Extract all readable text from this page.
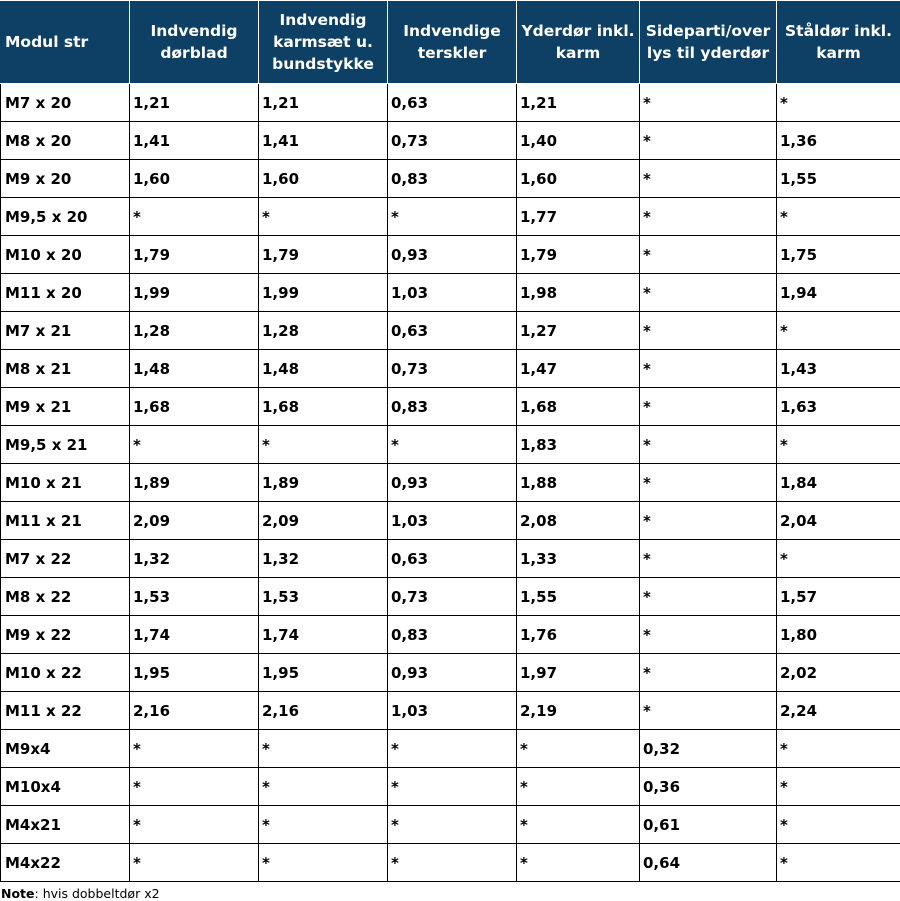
Modul str	Indvendig dørblad	Indvendig karmsæt u. bundstykke	Indvendige terskler	Yderdør inkl. karm	Sideparti/over lys til yderdør	Ståldør inkl. karm
M7 x 20	1,21	1,21	0,63	1,21	*	*
M8 x 20	1,41	1,41	0,73	1,40	*	1,36
M9 x 20	1,60	1,60	0,83	1,60	*	1,55
M9,5 x 20	*	*	*	1,77	*	*
M10 x 20	1,79	1,79	0,93	1,79	*	1,75
M11 x 20	1,99	1,99	1,03	1,98	*	1,94
M7 x 21	1,28	1,28	0,63	1,27	*	*
M8 x 21	1,48	1,48	0,73	1,47	*	1,43
M9 x 21	1,68	1,68	0,83	1,68	*	1,63
M9,5 x 21	*	*	*	1,83	*	*
M10 x 21	1,89	1,89	0,93	1,88	*	1,84
M11 x 21	2,09	2,09	1,03	2,08	*	2,04
M7 x 22	1,32	1,32	0,63	1,33	*	*
M8 x 22	1,53	1,53	0,73	1,55	*	1,57
M9 x 22	1,74	1,74	0,83	1,76	*	1,80
M10 x 22	1,95	1,95	0,93	1,97	*	2,02
M11 x 22	2,16	2,16	1,03	2,19	*	2,24
M9x4	*	*	*	*	0,32	*
M10x4	*	*	*	*	0,36	*
M4x21	*	*	*	*	0,61	*
M4x22	*	*	*	*	0,64	*
Note: hvis dobbeltdør x2
